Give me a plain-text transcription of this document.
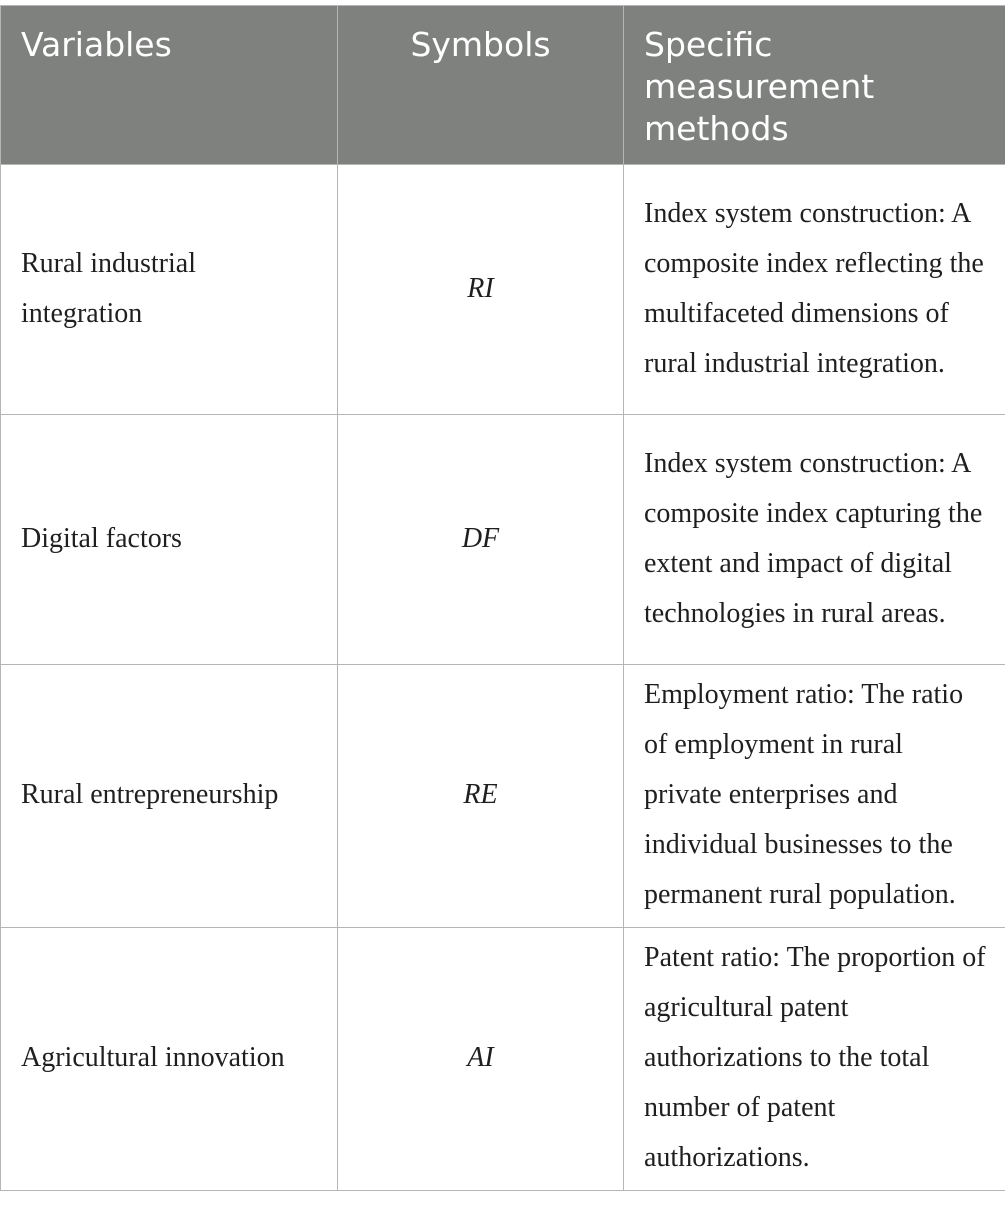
Variables	Symbols	Specific measurement methods
Rural industrial integration	RI	Index system construction: A composite index reflecting the multifaceted dimensions of rural industrial integration.
Digital factors	DF	Index system construction: A composite index capturing the extent and impact of digital technologies in rural areas.
Rural entrepreneurship	RE	Employment ratio: The ratio of employment in rural private enterprises and individual businesses to the permanent rural population.
Agricultural innovation	AI	Patent ratio: The proportion of agricultural patent authorizations to the total number of patent authorizations.
